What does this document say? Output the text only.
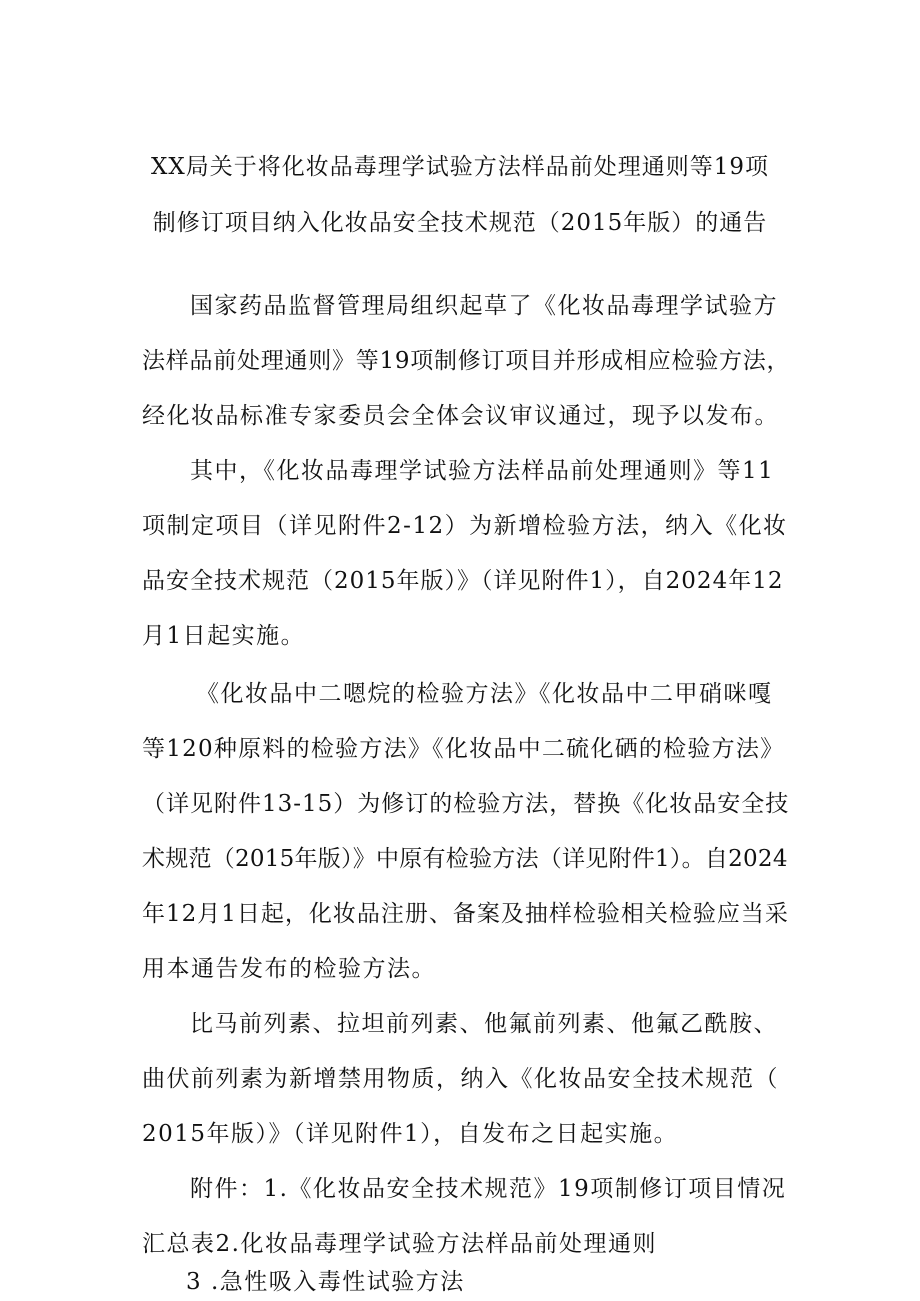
XX局关于将化妆品毒理学试验方法样品前处理通则等19项
制修订项目纳入化妆品安全技术规范（2015年版）的通告
国家药品监督管理局组织起草了《化妆品毒理学试验方
法样品前处理通则》等19项制修订项目并形成相应检验方法，
经化妆品标准专家委员会全体会议审议通过，现予以发布。
其中，《化妆品毒理学试验方法样品前处理通则》等11
项制定项目（详见附件2-12）为新增检验方法，纳入《化妆
品安全技术规范（2015年版）》（详见附件1），自2024年12
月1日起实施。
《化妆品中二嗯烷的检验方法》《化妆品中二甲硝咪嘎
等120种原料的检验方法》《化妆品中二硫化硒的检验方法》
（详见附件13-15）为修订的检验方法，替换《化妆品安全技
术规范（2015年版）》中原有检验方法（详见附件1）。自2024
年12月1日起，化妆品注册、备案及抽样检验相关检验应当采
用本通告发布的检验方法。
比马前列素、拉坦前列素、他氟前列素、他氟乙酰胺、
曲伏前列素为新增禁用物质，纳入《化妆品安全技术规范（
2015年版）》（详见附件1），自发布之日起实施。
附件：1.《化妆品安全技术规范》19项制修订项目情况
汇总表2.化妆品毒理学试验方法样品前处理通则
3 .急性吸入毒性试验方法
